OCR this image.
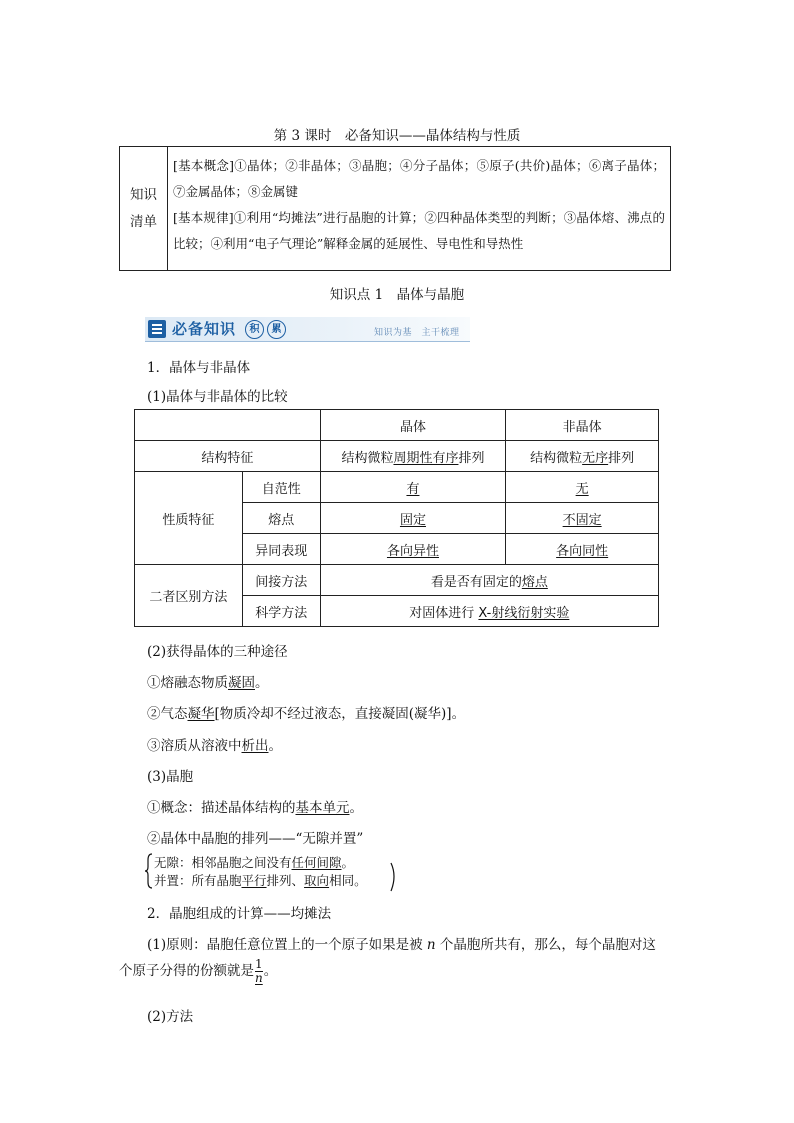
第 3 课时　必备知识——晶体结构与性质
知识
清单
[基本概念]①晶体；②非晶体；③晶胞；④分子晶体；⑤原子(共价)晶体；⑥离子晶体；⑦金属晶体；⑧金属键
[基本规律]①利用“均摊法”进行晶胞的计算；②四种晶体类型的判断；③晶体熔、沸点的比较；④利用“电子气理论”解释金属的延展性、导电性和导热性
知识点 1　晶体与晶胞
必备知识	积	累	知识为基　主干梳理
1．晶体与非晶体
(1)晶体与非晶体的比较
		晶体	非晶体
结构特征		结构微粒周期性有序排列	结构微粒无序排列
性质特征	自范性	有	无
	熔点	固定	不固定
	异同表现	各向异性	各向同性
二者区别方法	间接方法	看是否有固定的熔点	
	科学方法	对固体进行 X-射线衍射实验	
(2)获得晶体的三种途径
①熔融态物质凝固。
②气态凝华[物质冷却不经过液态，直接凝固(凝华)]。
③溶质从溶液中析出。
(3)晶胞
①概念：描述晶体结构的基本单元。
②晶体中晶胞的排列——“无隙并置”
无隙：相邻晶胞之间没有任何间隙。
并置：所有晶胞平行排列、取向相同。
2．晶胞组成的计算——均摊法
(1)原则：晶胞任意位置上的一个原子如果是被 n 个晶胞所共有，那么，每个晶胞对这
个原子分得的份额就是 $\frac{1}{n}$ 。
(2)方法
